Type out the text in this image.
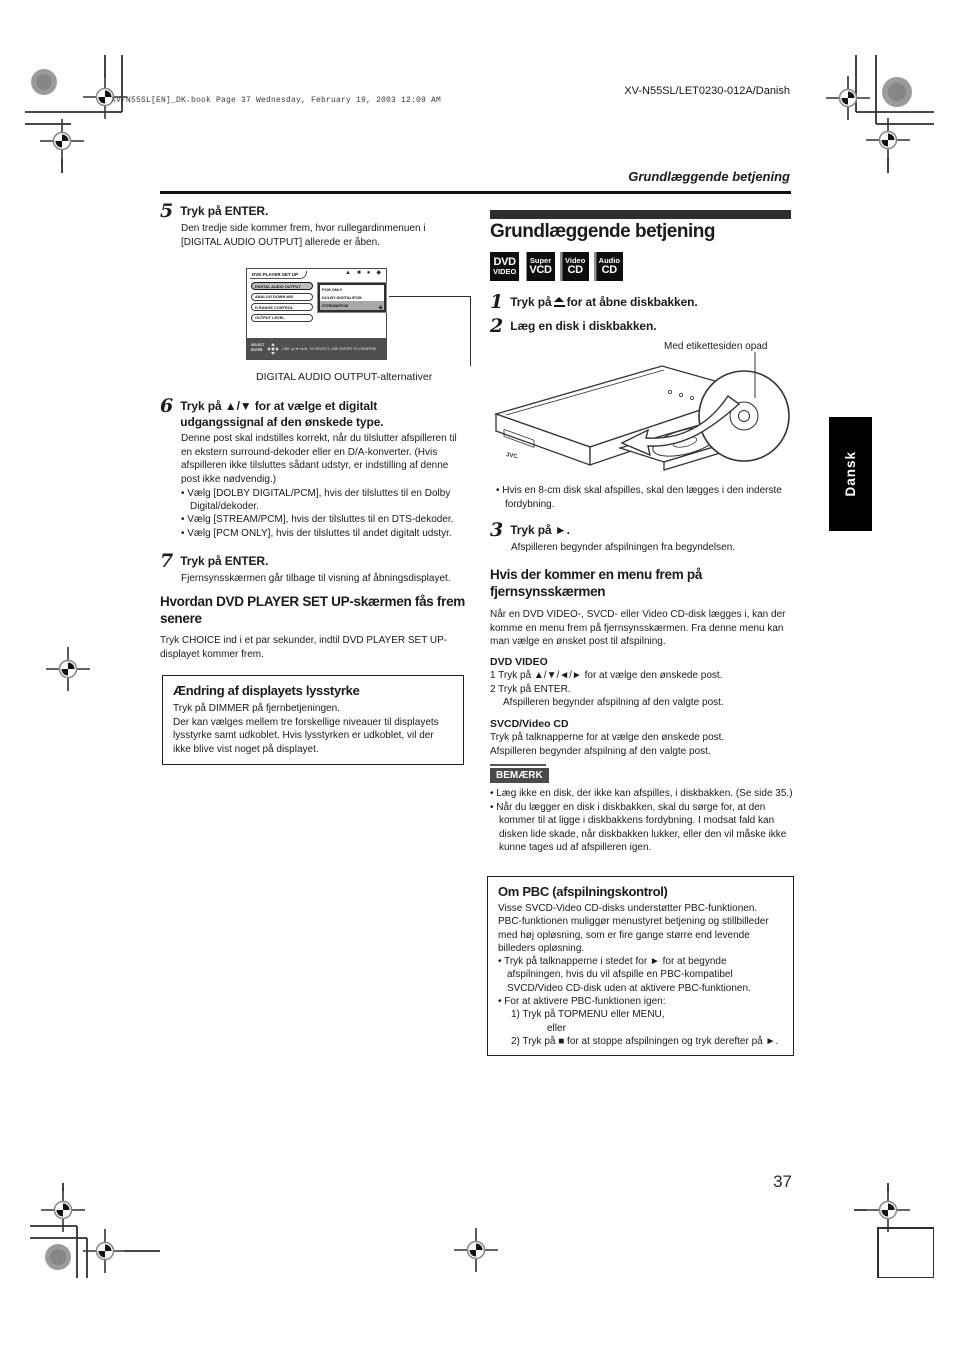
XV-N55SL[EN]_DK.book Page 37 Wednesday, February 19, 2003 12:09 AM
XV-N55SL/LET0230-012A/Danish
Grundlæggende betjening
5 Tryk på ENTER.
Den tredje side kommer frem, hvor rullegardinmenuen i [DIGITAL AUDIO OUTPUT] allerede er åben.
DVD PLAYER SET UP	▲ ■ ● ◆
DIGITAL AUDIO OUTPUT
ANALOG DOWN MIX
D RANGE CONTROL
OUTPUT LEVEL
PCM ONLY
DOLBY DIGITAL/PCM
STREAM/PCM
SELECT
ENTER	USE ▲/▼/◄/► TO SELECT, USE ENTER TO CONFIRM
DIGITAL AUDIO OUTPUT-alternativer
6 Tryk på ▲/▼ for at vælge et digitalt udgangssignal af den ønskede type.
Denne post skal indstilles korrekt, når du tilslutter afspilleren til en ekstern surround-dekoder eller en D/A-konverter. (Hvis afspilleren ikke tilsluttes sådant udstyr, er indstilling af denne post ikke nødvendig.)
• Vælg [DOLBY DIGITAL/PCM], hvis der tilsluttes til en Dolby Digital/dekoder.
• Vælg [STREAM/PCM], hvis der tilsluttes til en DTS-dekoder.
• Vælg [PCM ONLY], hvis der tilsluttes til andet digitalt udstyr.
7 Tryk på ENTER.
Fjernsynsskærmen går tilbage til visning af åbningsdisplayet.
Hvordan DVD PLAYER SET UP-skærmen fås frem senere
Tryk CHOICE ind i et par sekunder, indtil DVD PLAYER SET UP-displayet kommer frem.
Ændring af displayets lysstyrke
Tryk på DIMMER på fjernbetjeningen.
Der kan vælges mellem tre forskellige niveauer til displayets lysstyrke samt udkoblet. Hvis lysstyrken er udkoblet, vil der ikke blive vist noget på displayet.
Grundlæggende betjening
DVD
VIDEO
Super
VCD
Video
CD
Audio
CD
1 Tryk på for at åbne diskbakken.
2 Læg en disk i diskbakken.
Med etikettesiden opad
JVC
• Hvis en 8-cm disk skal afspilles, skal den lægges i den inderste fordybning.
3 Tryk på ►.
Afspilleren begynder afspilningen fra begyndelsen.
Hvis der kommer en menu frem på fjernsynsskærmen
Når en DVD VIDEO-, SVCD- eller Video CD-disk lægges i, kan der komme en menu frem på fjernsynsskærmen. Fra denne menu kan man vælge en ønsket post til afspilning.
DVD VIDEO
1 Tryk på ▲/▼/◄/► for at vælge den ønskede post.
2 Tryk på ENTER.
Afspilleren begynder afspilning af den valgte post.
SVCD/Video CD
Tryk på talknapperne for at vælge den ønskede post.
Afspilleren begynder afspilning af den valgte post.
BEMÆRK
• Læg ikke en disk, der ikke kan afspilles, i diskbakken. (Se side 35.)
• Når du lægger en disk i diskbakken, skal du sørge for, at den kommer til at ligge i diskbakkens fordybning. I modsat fald kan disken lide skade, når diskbakken lukker, eller den vil måske ikke kunne tages ud af afspilleren igen.
Om PBC (afspilningskontrol)
Visse SVCD-Video CD-disks understøtter PBC-funktionen. PBC-funktionen muliggør menustyret betjening og stillbilleder med høj opløsning, som er fire gange større end levende billeders opløsning.
• Tryk på talknapperne i stedet for ► for at begynde afspilningen, hvis du vil afspille en PBC-kompatibel SVCD/Video CD-disk uden at aktivere PBC-funktionen.
• For at aktivere PBC-funktionen igen:
1) Tryk på TOPMENU eller MENU,
eller
2) Tryk på ■ for at stoppe afspilningen og tryk derefter på ►.
Dansk
37
